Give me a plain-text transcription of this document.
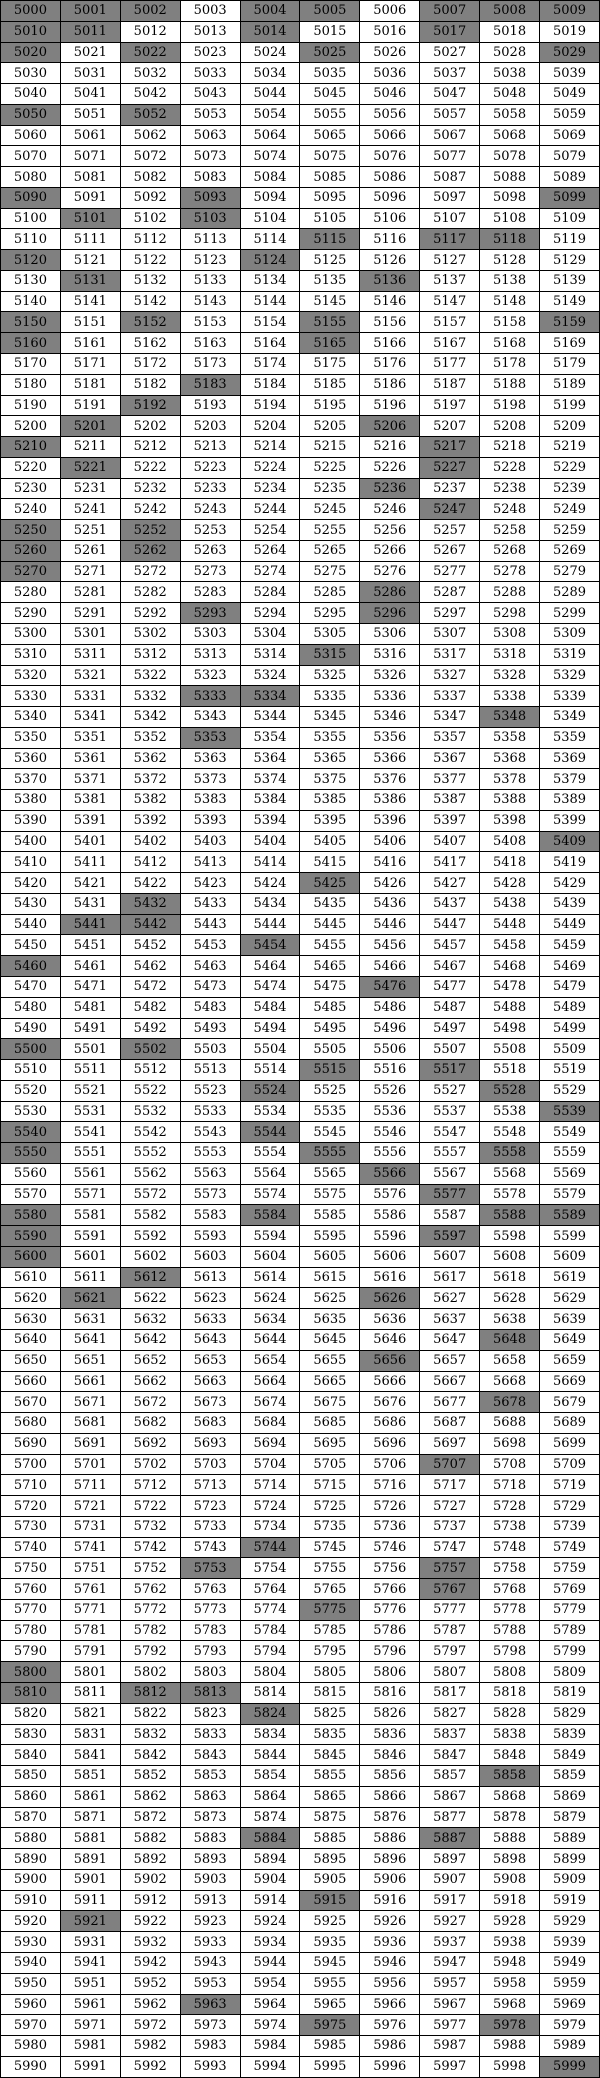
5000	5001	5002	5003	5004	5005	5006	5007	5008	5009
5010	5011	5012	5013	5014	5015	5016	5017	5018	5019
5020	5021	5022	5023	5024	5025	5026	5027	5028	5029
5030	5031	5032	5033	5034	5035	5036	5037	5038	5039
5040	5041	5042	5043	5044	5045	5046	5047	5048	5049
5050	5051	5052	5053	5054	5055	5056	5057	5058	5059
5060	5061	5062	5063	5064	5065	5066	5067	5068	5069
5070	5071	5072	5073	5074	5075	5076	5077	5078	5079
5080	5081	5082	5083	5084	5085	5086	5087	5088	5089
5090	5091	5092	5093	5094	5095	5096	5097	5098	5099
5100	5101	5102	5103	5104	5105	5106	5107	5108	5109
5110	5111	5112	5113	5114	5115	5116	5117	5118	5119
5120	5121	5122	5123	5124	5125	5126	5127	5128	5129
5130	5131	5132	5133	5134	5135	5136	5137	5138	5139
5140	5141	5142	5143	5144	5145	5146	5147	5148	5149
5150	5151	5152	5153	5154	5155	5156	5157	5158	5159
5160	5161	5162	5163	5164	5165	5166	5167	5168	5169
5170	5171	5172	5173	5174	5175	5176	5177	5178	5179
5180	5181	5182	5183	5184	5185	5186	5187	5188	5189
5190	5191	5192	5193	5194	5195	5196	5197	5198	5199
5200	5201	5202	5203	5204	5205	5206	5207	5208	5209
5210	5211	5212	5213	5214	5215	5216	5217	5218	5219
5220	5221	5222	5223	5224	5225	5226	5227	5228	5229
5230	5231	5232	5233	5234	5235	5236	5237	5238	5239
5240	5241	5242	5243	5244	5245	5246	5247	5248	5249
5250	5251	5252	5253	5254	5255	5256	5257	5258	5259
5260	5261	5262	5263	5264	5265	5266	5267	5268	5269
5270	5271	5272	5273	5274	5275	5276	5277	5278	5279
5280	5281	5282	5283	5284	5285	5286	5287	5288	5289
5290	5291	5292	5293	5294	5295	5296	5297	5298	5299
5300	5301	5302	5303	5304	5305	5306	5307	5308	5309
5310	5311	5312	5313	5314	5315	5316	5317	5318	5319
5320	5321	5322	5323	5324	5325	5326	5327	5328	5329
5330	5331	5332	5333	5334	5335	5336	5337	5338	5339
5340	5341	5342	5343	5344	5345	5346	5347	5348	5349
5350	5351	5352	5353	5354	5355	5356	5357	5358	5359
5360	5361	5362	5363	5364	5365	5366	5367	5368	5369
5370	5371	5372	5373	5374	5375	5376	5377	5378	5379
5380	5381	5382	5383	5384	5385	5386	5387	5388	5389
5390	5391	5392	5393	5394	5395	5396	5397	5398	5399
5400	5401	5402	5403	5404	5405	5406	5407	5408	5409
5410	5411	5412	5413	5414	5415	5416	5417	5418	5419
5420	5421	5422	5423	5424	5425	5426	5427	5428	5429
5430	5431	5432	5433	5434	5435	5436	5437	5438	5439
5440	5441	5442	5443	5444	5445	5446	5447	5448	5449
5450	5451	5452	5453	5454	5455	5456	5457	5458	5459
5460	5461	5462	5463	5464	5465	5466	5467	5468	5469
5470	5471	5472	5473	5474	5475	5476	5477	5478	5479
5480	5481	5482	5483	5484	5485	5486	5487	5488	5489
5490	5491	5492	5493	5494	5495	5496	5497	5498	5499
5500	5501	5502	5503	5504	5505	5506	5507	5508	5509
5510	5511	5512	5513	5514	5515	5516	5517	5518	5519
5520	5521	5522	5523	5524	5525	5526	5527	5528	5529
5530	5531	5532	5533	5534	5535	5536	5537	5538	5539
5540	5541	5542	5543	5544	5545	5546	5547	5548	5549
5550	5551	5552	5553	5554	5555	5556	5557	5558	5559
5560	5561	5562	5563	5564	5565	5566	5567	5568	5569
5570	5571	5572	5573	5574	5575	5576	5577	5578	5579
5580	5581	5582	5583	5584	5585	5586	5587	5588	5589
5590	5591	5592	5593	5594	5595	5596	5597	5598	5599
5600	5601	5602	5603	5604	5605	5606	5607	5608	5609
5610	5611	5612	5613	5614	5615	5616	5617	5618	5619
5620	5621	5622	5623	5624	5625	5626	5627	5628	5629
5630	5631	5632	5633	5634	5635	5636	5637	5638	5639
5640	5641	5642	5643	5644	5645	5646	5647	5648	5649
5650	5651	5652	5653	5654	5655	5656	5657	5658	5659
5660	5661	5662	5663	5664	5665	5666	5667	5668	5669
5670	5671	5672	5673	5674	5675	5676	5677	5678	5679
5680	5681	5682	5683	5684	5685	5686	5687	5688	5689
5690	5691	5692	5693	5694	5695	5696	5697	5698	5699
5700	5701	5702	5703	5704	5705	5706	5707	5708	5709
5710	5711	5712	5713	5714	5715	5716	5717	5718	5719
5720	5721	5722	5723	5724	5725	5726	5727	5728	5729
5730	5731	5732	5733	5734	5735	5736	5737	5738	5739
5740	5741	5742	5743	5744	5745	5746	5747	5748	5749
5750	5751	5752	5753	5754	5755	5756	5757	5758	5759
5760	5761	5762	5763	5764	5765	5766	5767	5768	5769
5770	5771	5772	5773	5774	5775	5776	5777	5778	5779
5780	5781	5782	5783	5784	5785	5786	5787	5788	5789
5790	5791	5792	5793	5794	5795	5796	5797	5798	5799
5800	5801	5802	5803	5804	5805	5806	5807	5808	5809
5810	5811	5812	5813	5814	5815	5816	5817	5818	5819
5820	5821	5822	5823	5824	5825	5826	5827	5828	5829
5830	5831	5832	5833	5834	5835	5836	5837	5838	5839
5840	5841	5842	5843	5844	5845	5846	5847	5848	5849
5850	5851	5852	5853	5854	5855	5856	5857	5858	5859
5860	5861	5862	5863	5864	5865	5866	5867	5868	5869
5870	5871	5872	5873	5874	5875	5876	5877	5878	5879
5880	5881	5882	5883	5884	5885	5886	5887	5888	5889
5890	5891	5892	5893	5894	5895	5896	5897	5898	5899
5900	5901	5902	5903	5904	5905	5906	5907	5908	5909
5910	5911	5912	5913	5914	5915	5916	5917	5918	5919
5920	5921	5922	5923	5924	5925	5926	5927	5928	5929
5930	5931	5932	5933	5934	5935	5936	5937	5938	5939
5940	5941	5942	5943	5944	5945	5946	5947	5948	5949
5950	5951	5952	5953	5954	5955	5956	5957	5958	5959
5960	5961	5962	5963	5964	5965	5966	5967	5968	5969
5970	5971	5972	5973	5974	5975	5976	5977	5978	5979
5980	5981	5982	5983	5984	5985	5986	5987	5988	5989
5990	5991	5992	5993	5994	5995	5996	5997	5998	5999
